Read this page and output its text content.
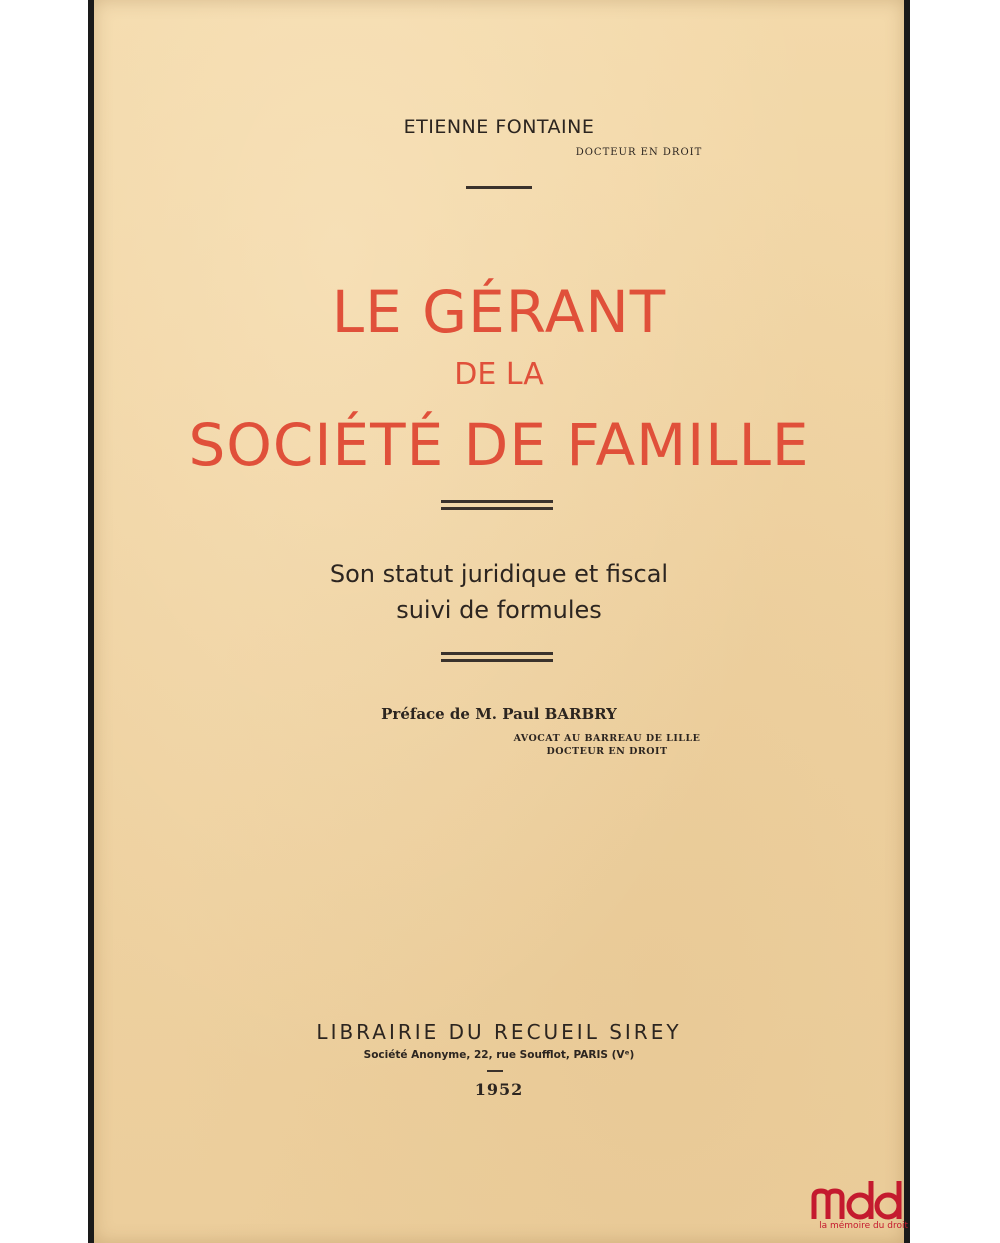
ETIENNE FONTAINE
DOCTEUR EN DROIT
LE GÉRANT
DE LA
SOCIÉTÉ DE FAMILLE
Son statut juridique et fiscal
suivi de formules
Préface de M. Paul BARBRY
AVOCAT AU BARREAU DE LILLE
DOCTEUR EN DROIT
LIBRAIRIE DU RECUEIL SIREY
Société Anonyme, 22, rue Soufflot, PARIS (Vᵉ)
1952
la mémoire du droit
